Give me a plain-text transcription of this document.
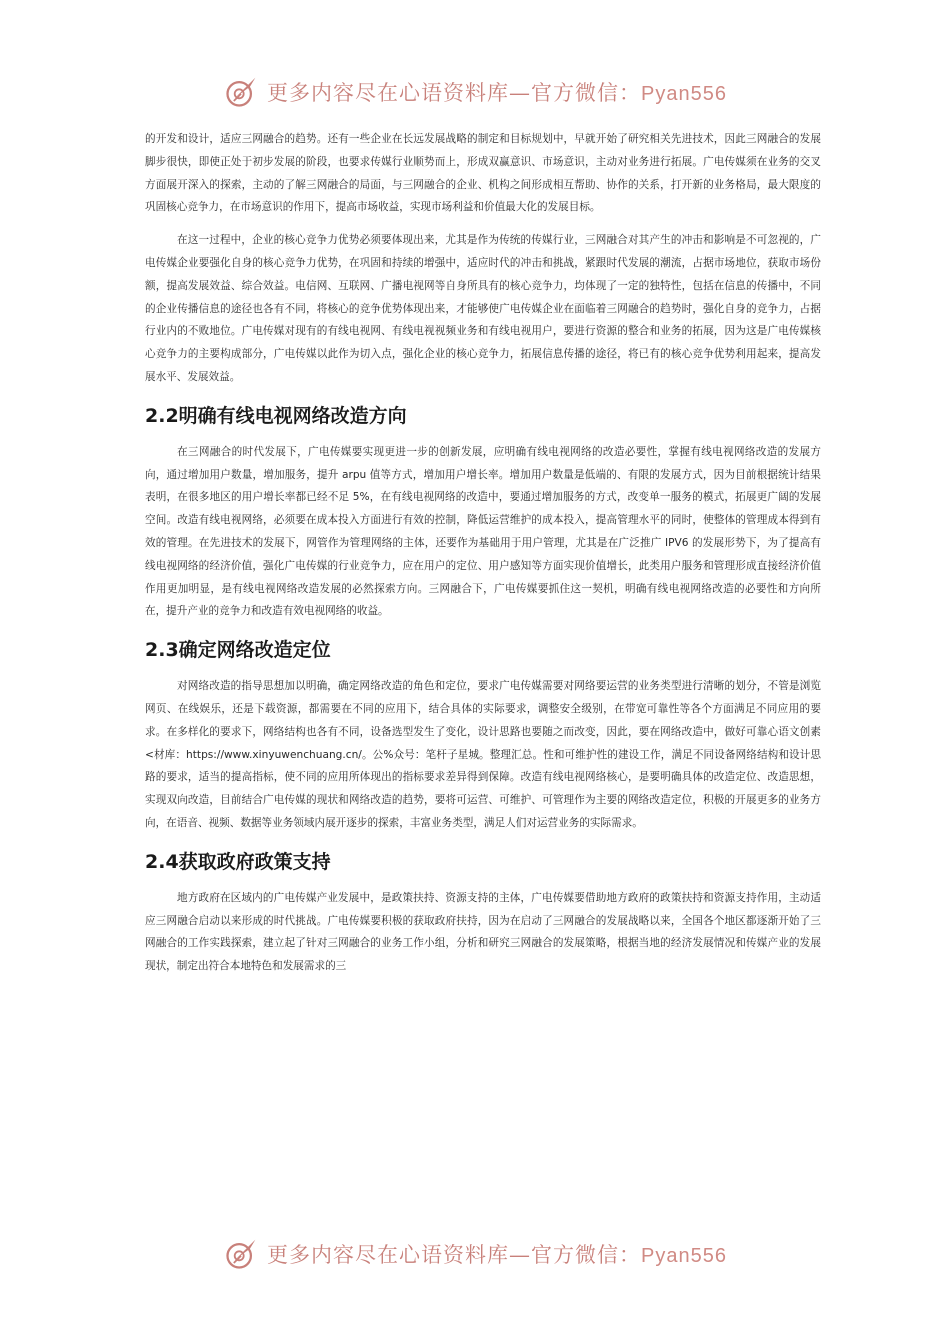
更多内容尽在心语资料库—官方微信：Pyan556

的开发和设计，适应三网融合的趋势。还有一些企业在长远发展战略的制定和目标规划中，早就开始了研究相关先进技术，因此三网融合的发展脚步很快，即使正处于初步发展的阶段，也要求传媒行业顺势而上，形成双赢意识、市场意识，主动对业务进行拓展。广电传媒须在业务的交叉方面展开深入的探索，主动的了解三网融合的局面，与三网融合的企业、机构之间形成相互帮助、协作的关系，打开新的业务格局，最大限度的巩固核心竞争力，在市场意识的作用下，提高市场收益，实现市场利益和价值最大化的发展目标。

在这一过程中，企业的核心竞争力优势必须要体现出来，尤其是作为传统的传媒行业，三网融合对其产生的冲击和影响是不可忽视的，广电传媒企业要强化自身的核心竞争力优势，在巩固和持续的增强中，适应时代的冲击和挑战，紧跟时代发展的潮流，占据市场地位，获取市场份额，提高发展效益、综合效益。电信网、互联网、广播电视网等自身所具有的核心竞争力，均体现了一定的独特性，包括在信息的传播中，不同的企业传播信息的途径也各有不同，将核心的竞争优势体现出来，才能够使广电传媒企业在面临着三网融合的趋势时，强化自身的竞争力，占据行业内的不败地位。广电传媒对现有的有线电视网、有线电视视频业务和有线电视用户，要进行资源的整合和业务的拓展，因为这是广电传媒核心竞争力的主要构成部分，广电传媒以此作为切入点，强化企业的核心竞争力，拓展信息传播的途径，将已有的核心竞争优势利用起来，提高发展水平、发展效益。

2.2明确有线电视网络改造方向

在三网融合的时代发展下，广电传媒要实现更进一步的创新发展，应明确有线电视网络的改造必要性，掌握有线电视网络改造的发展方向，通过增加用户数量，增加服务，提升 arpu 值等方式，增加用户增长率。增加用户数量是低端的、有限的发展方式，因为目前根据统计结果表明，在很多地区的用户增长率都已经不足 5%，在有线电视网络的改造中，要通过增加服务的方式，改变单一服务的模式，拓展更广阔的发展空间。改造有线电视网络，必须要在成本投入方面进行有效的控制，降低运营维护的成本投入，提高管理水平的同时，使整体的管理成本得到有效的管理。在先进技术的发展下，网管作为管理网络的主体，还要作为基础用于用户管理，尤其是在广泛推广 IPV6 的发展形势下，为了提高有线电视网络的经济价值，强化广电传媒的行业竞争力，应在用户的定位、用户感知等方面实现价值增长，此类用户服务和管理形成直接经济价值作用更加明显，是有线电视网络改造发展的必然探索方向。三网融合下，广电传媒要抓住这一契机，明确有线电视网络改造的必要性和方向所在，提升产业的竞争力和改造有效电视网络的收益。

2.3确定网络改造定位

对网络改造的指导思想加以明确，确定网络改造的角色和定位，要求广电传媒需要对网络要运营的业务类型进行清晰的划分，不管是浏览网页、在线娱乐，还是下载资源，都需要在不同的应用下，结合具体的实际要求，调整安全级别，在带宽可靠性等各个方面满足不同应用的要求。在多样化的要求下，网络结构也各有不同，设备选型发生了变化，设计思路也要随之而改变，因此，要在网络改造中，做好可靠心语文创素<材库：https://www.xinyuwenchuang.cn/。公%众号：笔杆子星城。整理汇总。性和可维护性的建设工作，满足不同设备网络结构和设计思路的要求，适当的提高指标，使不同的应用所体现出的指标要求差异得到保障。改造有线电视网络核心，是要明确具体的改造定位、改造思想，实现双向改造，目前结合广电传媒的现状和网络改造的趋势，要将可运营、可维护、可管理作为主要的网络改造定位，积极的开展更多的业务方向，在语音、视频、数据等业务领域内展开逐步的探索，丰富业务类型，满足人们对运营业务的实际需求。

2.4获取政府政策支持

地方政府在区域内的广电传媒产业发展中，是政策扶持、资源支持的主体，广电传媒要借助地方政府的政策扶持和资源支持作用，主动适应三网融合启动以来形成的时代挑战。广电传媒要积极的获取政府扶持，因为在启动了三网融合的发展战略以来，全国各个地区都逐渐开始了三网融合的工作实践探索，建立起了针对三网融合的业务工作小组，分析和研究三网融合的发展策略，根据当地的经济发展情况和传媒产业的发展现状，制定出符合本地特色和发展需求的三

更多内容尽在心语资料库—官方微信：Pyan556
